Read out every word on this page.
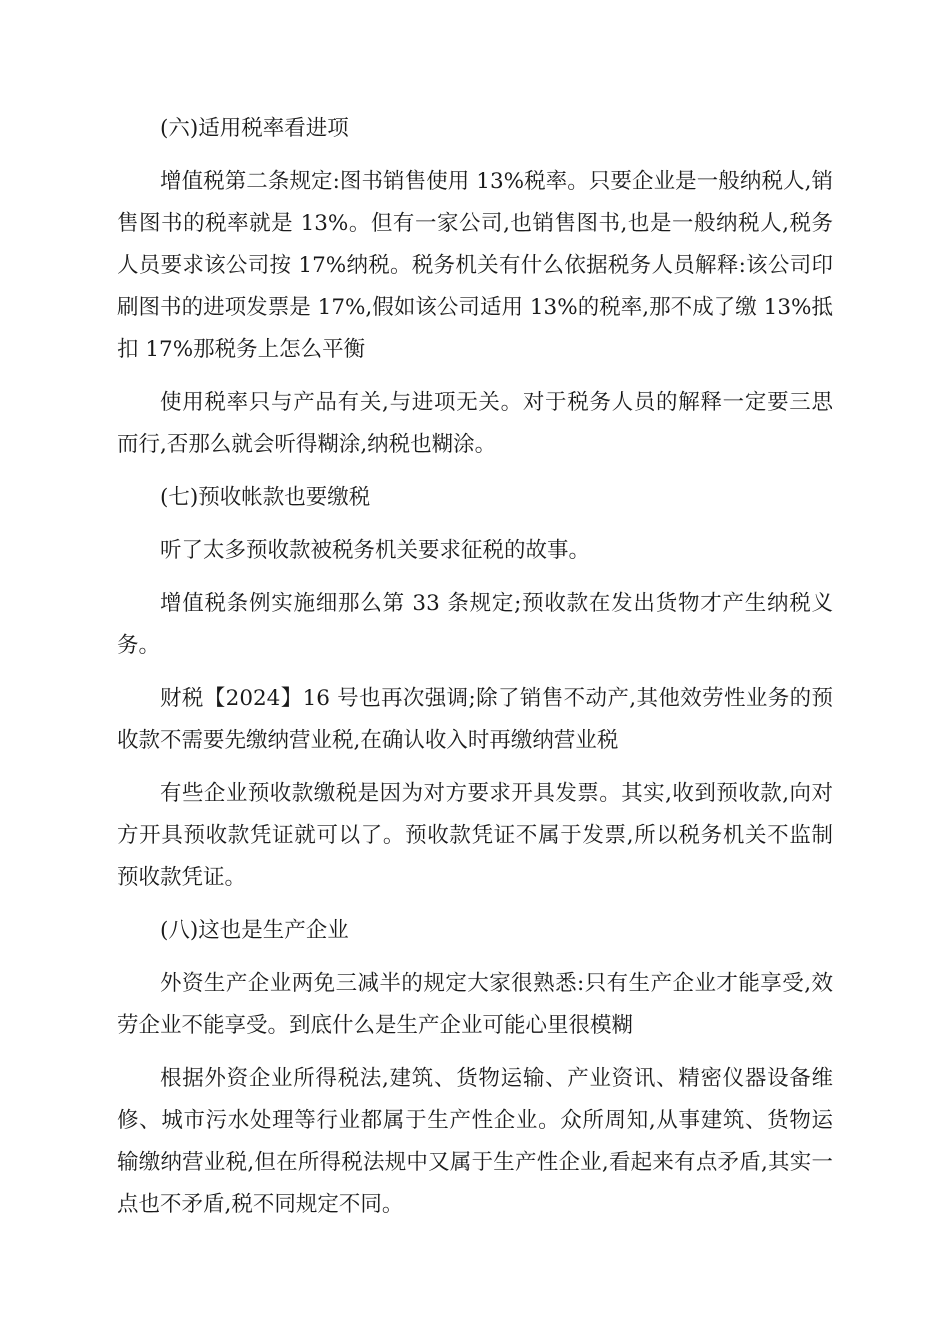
(六)适用税率看进项

增值税第二条规定:图书销售使用 13%税率。只要企业是一般纳税人,销售图书的税率就是 13%。但有一家公司,也销售图书,也是一般纳税人,税务人员要求该公司按 17%纳税。税务机关有什么依据税务人员解释:该公司印刷图书的进项发票是 17%,假如该公司适用 13%的税率,那不成了缴 13%抵扣 17%那税务上怎么平衡

使用税率只与产品有关,与进项无关。对于税务人员的解释一定要三思而行,否那么就会听得糊涂,纳税也糊涂。

(七)预收帐款也要缴税

听了太多预收款被税务机关要求征税的故事。

增值税条例实施细那么第 33 条规定;预收款在发出货物才产生纳税义务。

财税【2024】16 号也再次强调;除了销售不动产,其他效劳性业务的预收款不需要先缴纳营业税,在确认收入时再缴纳营业税

有些企业预收款缴税是因为对方要求开具发票。其实,收到预收款,向对方开具预收款凭证就可以了。预收款凭证不属于发票,所以税务机关不监制预收款凭证。

(八)这也是生产企业

外资生产企业两免三减半的规定大家很熟悉:只有生产企业才能享受,效劳企业不能享受。到底什么是生产企业可能心里很模糊

根据外资企业所得税法,建筑、货物运输、产业资讯、精密仪器设备维修、城市污水处理等行业都属于生产性企业。众所周知,从事建筑、货物运输缴纳营业税,但在所得税法规中又属于生产性企业,看起来有点矛盾,其实一点也不矛盾,税不同规定不同。
